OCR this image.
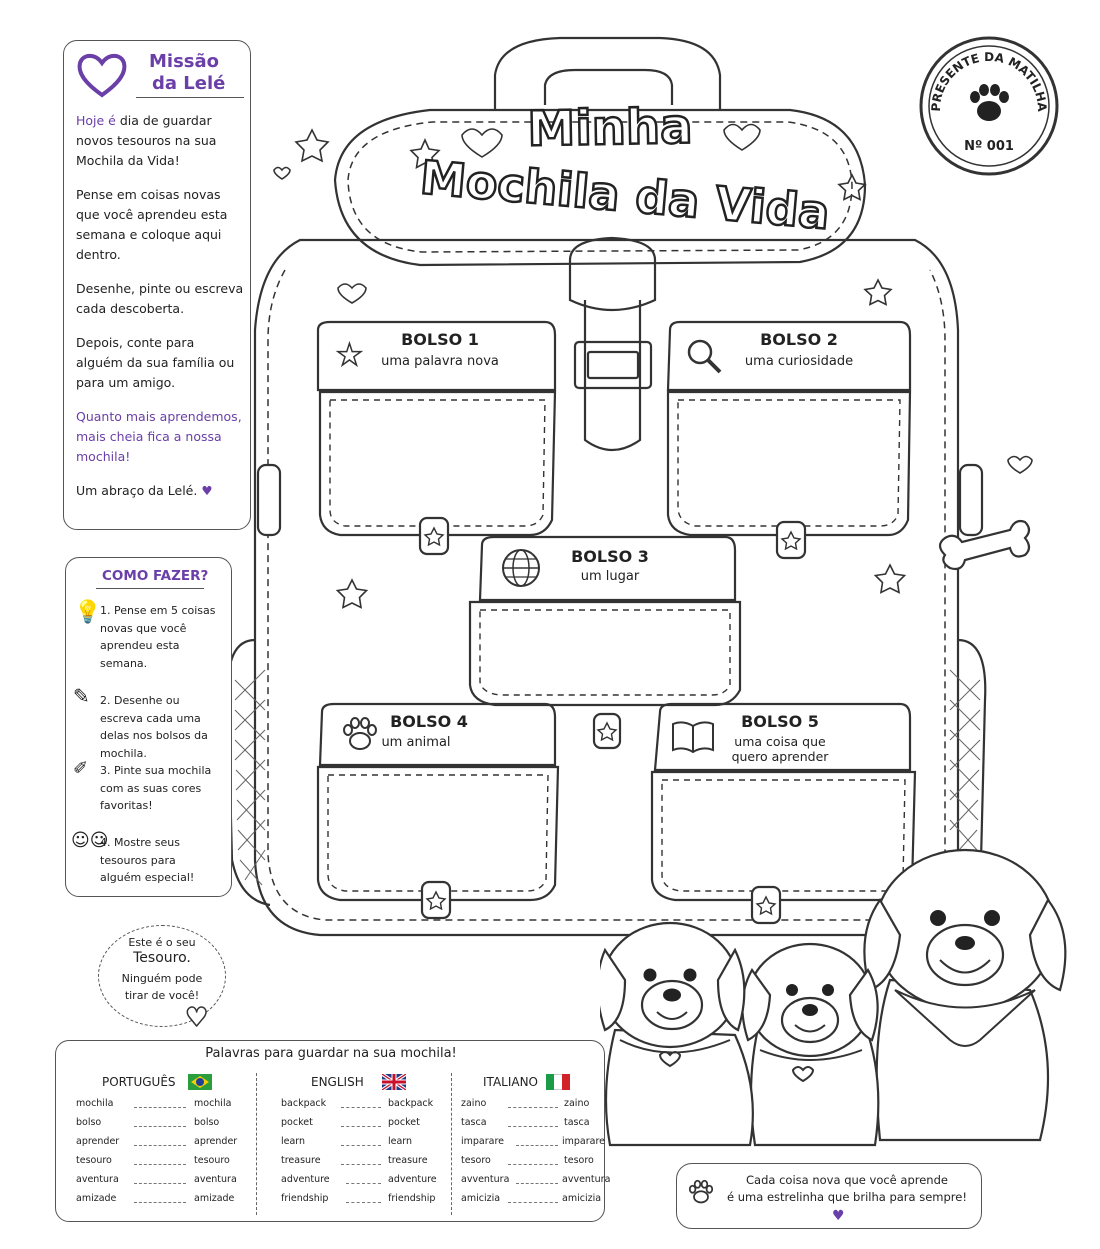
PRESENTE DA MATILHA
Nº 001
Minha
Mochila da Vida
Missão
da Lelé

Hoje é dia de guardar novos tesouros na sua Mochila da Vida!

Pense em coisas novas que você aprendeu esta semana e coloque aqui dentro.

Desenhe, pinte ou escreva cada descoberta.

Depois, conte para alguém da sua família ou para um amigo.

Quanto mais aprendemos, mais cheia fica a nossa mochila!

Um abraço da Lelé. ♥

COMO FAZER?
💡
1. Pense em 5 coisas novas que você aprendeu esta semana.
✎ 2. Desenhe ou escreva cada uma delas nos bolsos da mochila.
✐ 3. Pinte sua mochila com as suas cores favoritas!
☺☺
4. Mostre seus tesouros para alguém especial!
Este é o seu
Tesouro.
Ninguém pode tirar de você!
♥
★	BOLSO 1
uma palavra nova
BOLSO 2
uma curiosidade
BOLSO 3
um lugar
BOLSO 4
um animal
BOLSO 5
uma coisa que quero aprender
Palavras para guardar na sua mochila!
PORTUGUÊS
mochila
bolso
aprender
tesouro
aventura
amizade
mochila
bolso
aprender
tesouro
aventura
amizade
ENGLISH
backpack
pocket
learn
treasure
adventure
friendship
backpack
pocket
learn
treasure
adventure
friendship
ITALIANO
zaino
tasca
imparare
tesoro
avventura
amicizia
zaino
tasca
imparare
tesoro
avventura
amicizia
Cada coisa nova que você aprende
é uma estrelinha que brilha para sempre!
♥
